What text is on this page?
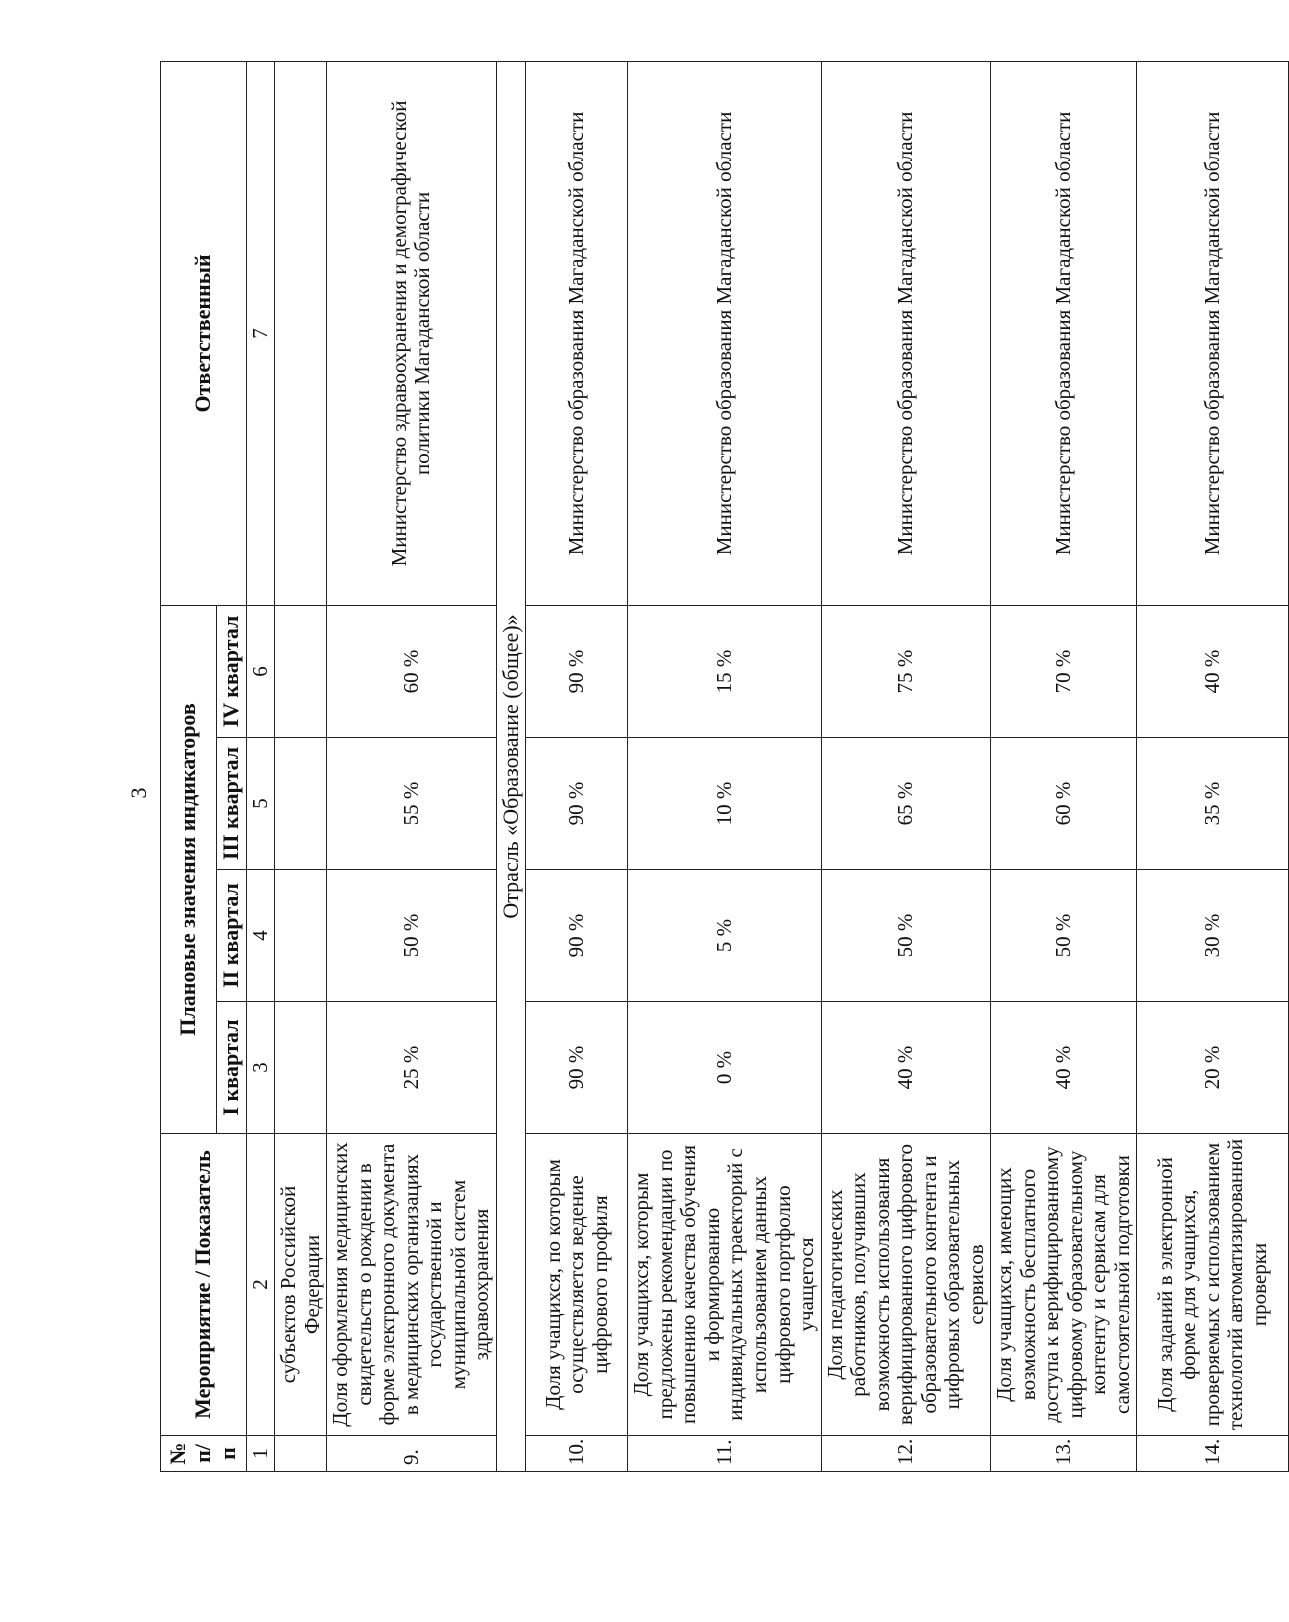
3
№ п/п	Мероприятие / Показатель	Плановые значения индикаторов				Ответственный
		I квартал	II квартал	III квартал	IV квартал	
1	2	3	4	5	6	7
	субъектов Российской Федерации					
9.	Доля оформления медицинских свидетельств о рождении в форме электронного документа в медицинских организациях государственной и муниципальной систем здравоохранения	25 %	50 %	55 %	60 %	Министерство здравоохранения и демографической политики Магаданской области
Отрасль «Образование (общее)»						
10.	Доля учащихся, по которым осуществляется ведение цифрового профиля	90 %	90 %	90 %	90 %	Министерство образования Магаданской области
11.	Доля учащихся, которым предложены рекомендации по повышению качества обучения и формированию индивидуальных траекторий с использованием данных цифрового портфолио учащегося	0 %	5 %	10 %	15 %	Министерство образования Магаданской области
12.	Доля педагогических работников, получивших возможность использования верифицированного цифрового образовательного контента и цифровых образовательных сервисов	40 %	50 %	65 %	75 %	Министерство образования Магаданской области
13.	Доля учащихся, имеющих возможность бесплатного доступа к верифицированному цифровому образовательному контенту и сервисам для самостоятельной подготовки	40 %	50 %	60 %	70 %	Министерство образования Магаданской области
14.	Доля заданий в электронной форме для учащихся, проверяемых с использованием технологий автоматизированной проверки	20 %	30 %	35 %	40 %	Министерство образования Магаданской области
